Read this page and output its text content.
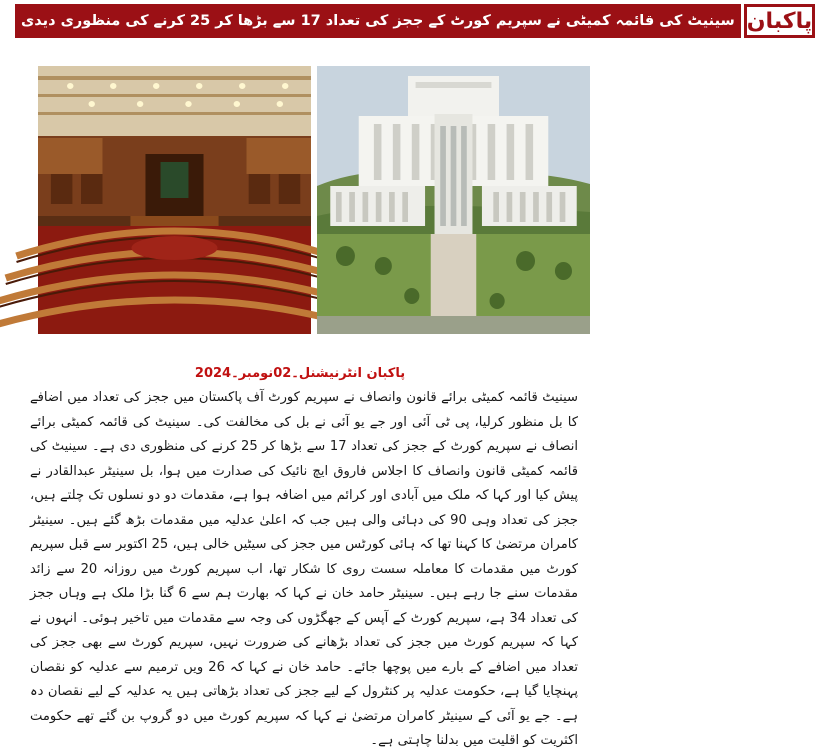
سینیٹ کی قائمہ کمیٹی نے سپریم کورٹ کے ججز کی تعداد 17 سے بڑھا کر 25 کرنے کی منظوری دیدی پاکبان
پاکبان انٹرنیشنل۔02نومبر۔2024
سینیٹ قائمہ کمیٹی برائے قانون وانصاف نے سپریم کورٹ آف پاکستان میں ججز کی تعداد میں اضافے کا بل منظور کرلیا، پی ٹی آئی اور جے یو آئی نے بل کی مخالفت کی۔ سینیٹ کی قائمہ کمیٹی برائے انصاف نے سپریم کورٹ کے ججز کی تعداد 17 سے بڑھا کر 25 کرنے کی منظوری دی ہے۔ سینیٹ کی قائمہ کمیٹی قانون وانصاف کا اجلاس فاروق ایچ نائیک کی صدارت میں ہوا، بل سینیٹر عبدالقادر نے پیش کیا اور کہا کہ ملک میں آبادی اور کرائم میں اضافہ ہوا ہے، مقدمات دو دو نسلوں تک چلتے ہیں، ججز کی تعداد وہی 90 کی دہائی والی ہیں جب کہ اعلیٰ عدلیہ میں مقدمات بڑھ گئے ہیں۔ سینیٹر کامران مرتضیٰ کا کہنا تھا کہ ہائی کورٹس میں ججز کی سیٹیں خالی ہیں، 25 اکتوبر سے قبل سپریم کورٹ میں مقدمات کا معاملہ سست روی کا شکار تھا، اب سپریم کورٹ میں روزانہ 20 سے زائد مقدمات سنے جا رہے ہیں۔ سینیٹر حامد خان نے کہا کہ بھارت ہم سے 6 گنا بڑا ملک ہے وہاں ججز کی تعداد 34 ہے، سپریم کورٹ کے آپس کے جھگڑوں کی وجہ سے مقدمات میں تاخیر ہوئی۔ انہوں نے کہا کہ سپریم کورٹ میں ججز کی تعداد بڑھانے کی ضرورت نہیں، سپریم کورٹ سے بھی ججز کی تعداد میں اضافے کے بارے میں پوچھا جائے۔ حامد خان نے کہا کہ 26 ویں ترمیم سے عدلیہ کو نقصان پہنچایا گیا ہے، حکومت عدلیہ پر کنٹرول کے لیے ججز کی تعداد بڑھاتی ہیں یہ عدلیہ کے لیے نقصان دہ ہے۔ جے یو آئی کے سینیٹر کامران مرتضیٰ نے کہا کہ سپریم کورٹ میں دو گروپ بن گئے تھے حکومت اکثریت کو اقلیت میں بدلنا چاہتی ہے۔
